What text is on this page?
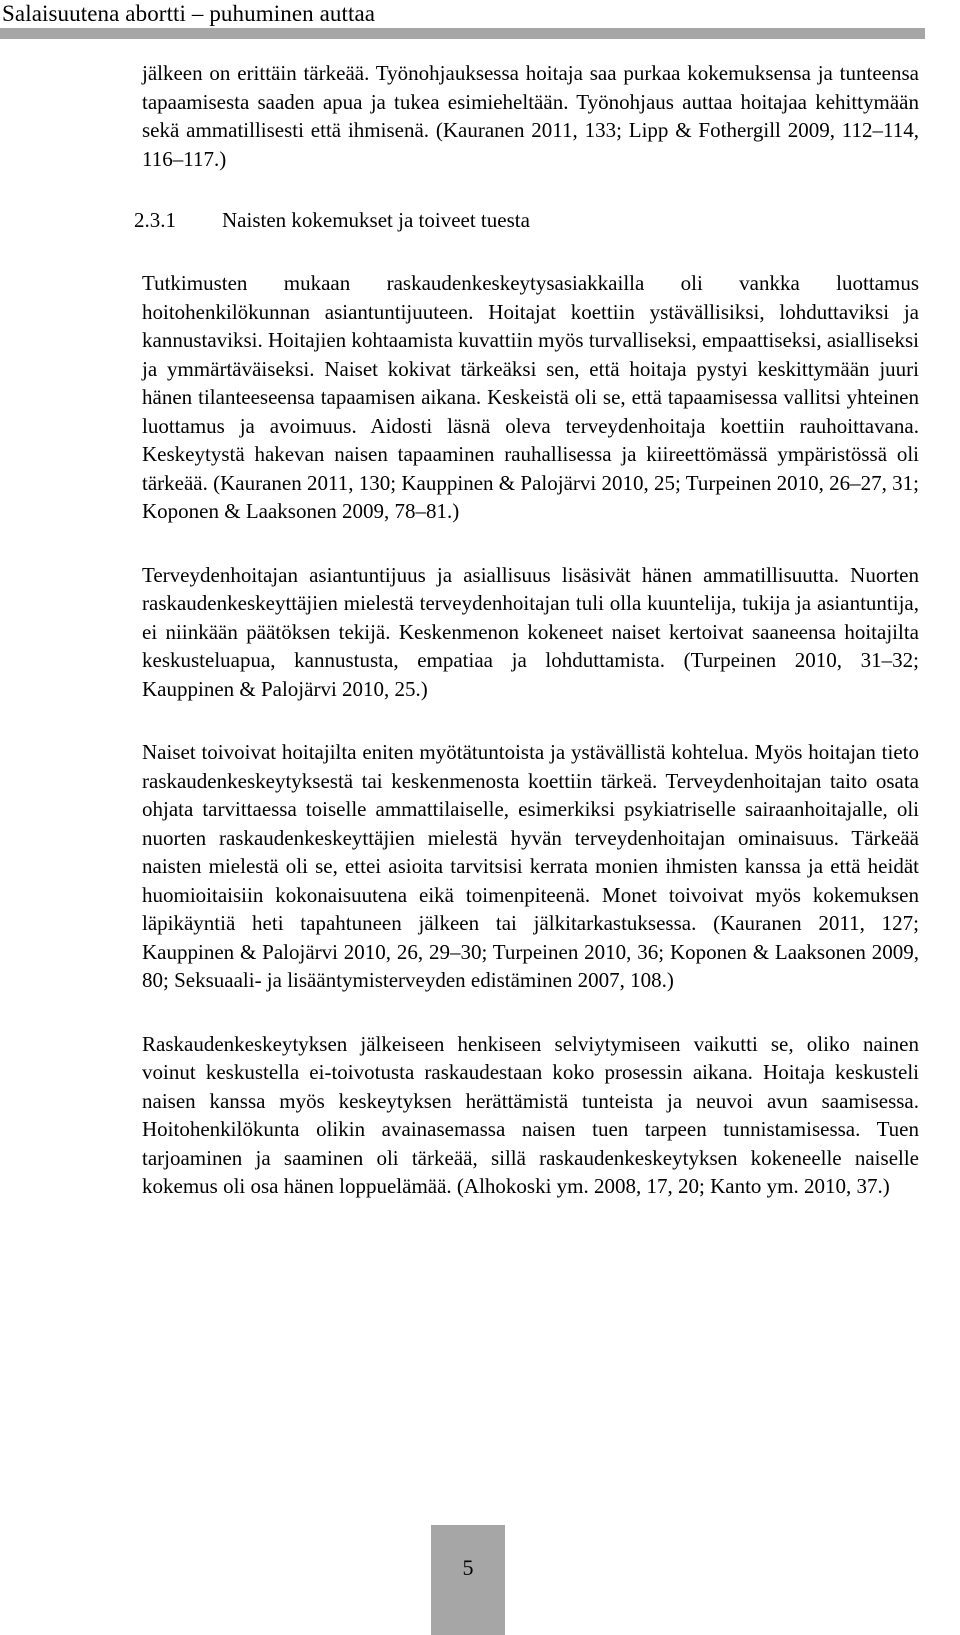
Salaisuutena abortti – puhuminen auttaa

jälkeen on erittäin tärkeää. Työnohjauksessa hoitaja saa purkaa kokemuksensa ja tunteensa tapaamisesta saaden apua ja tukea esimieheltään. Työnohjaus auttaa hoitajaa kehittymään sekä ammatillisesti että ihmisenä. (Kauranen 2011, 133; Lipp & Fothergill 2009, 112–114, 116–117.)

2.3.1 Naisten kokemukset ja toiveet tuesta

Tutkimusten mukaan raskaudenkeskeytysasiakkailla oli vankka luottamus hoitohenkilökunnan asiantuntijuuteen. Hoitajat koettiin ystävällisiksi, lohduttaviksi ja kannustaviksi. Hoitajien kohtaamista kuvattiin myös turvalliseksi, empaattiseksi, asialliseksi ja ymmärtäväiseksi. Naiset kokivat tärkeäksi sen, että hoitaja pystyi keskittymään juuri hänen tilanteeseensa tapaamisen aikana. Keskeistä oli se, että tapaamisessa vallitsi yhteinen luottamus ja avoimuus. Aidosti läsnä oleva terveydenhoitaja koettiin rauhoittavana. Keskeytystä hakevan naisen tapaaminen rauhallisessa ja kiireettömässä ympäristössä oli tärkeää. (Kauranen 2011, 130; Kauppinen & Palojärvi 2010, 25; Turpeinen 2010, 26–27, 31; Koponen & Laaksonen 2009, 78–81.)

Terveydenhoitajan asiantuntijuus ja asiallisuus lisäsivät hänen ammatillisuutta. Nuorten raskaudenkeskeyttäjien mielestä terveydenhoitajan tuli olla kuuntelija, tukija ja asiantuntija, ei niinkään päätöksen tekijä. Keskenmenon kokeneet naiset kertoivat saaneensa hoitajilta keskusteluapua, kannustusta, empatiaa ja lohduttamista. (Turpeinen 2010, 31–32; Kauppinen & Palojärvi 2010, 25.)

Naiset toivoivat hoitajilta eniten myötätuntoista ja ystävällistä kohtelua. Myös hoitajan tieto raskaudenkeskeytyksestä tai keskenmenosta koettiin tärkeä. Terveydenhoitajan taito osata ohjata tarvittaessa toiselle ammattilaiselle, esimerkiksi psykiatriselle sairaanhoitajalle, oli nuorten raskaudenkeskeyttäjien mielestä hyvän terveydenhoitajan ominaisuus. Tärkeää naisten mielestä oli se, ettei asioita tarvitsisi kerrata monien ihmisten kanssa ja että heidät huomioitaisiin kokonaisuutena eikä toimenpiteenä. Monet toivoivat myös kokemuksen läpikäyntiä heti tapahtuneen jälkeen tai jälkitarkastuksessa. (Kauranen 2011, 127; Kauppinen & Palojärvi 2010, 26, 29–30; Turpeinen 2010, 36; Koponen & Laaksonen 2009, 80; Seksuaali- ja lisääntymisterveyden edistäminen 2007, 108.)

Raskaudenkeskeytyksen jälkeiseen henkiseen selviytymiseen vaikutti se, oliko nainen voinut keskustella ei-toivotusta raskaudestaan koko prosessin aikana. Hoitaja keskusteli naisen kanssa myös keskeytyksen herättämistä tunteista ja neuvoi avun saamisessa. Hoitohenkilökunta olikin avainasemassa naisen tuen tarpeen tunnistamisessa. Tuen tarjoaminen ja saaminen oli tärkeää, sillä raskaudenkeskeytyksen kokeneelle naiselle kokemus oli osa hänen loppuelämää. (Alhokoski ym. 2008, 17, 20; Kanto ym. 2010, 37.)

5
